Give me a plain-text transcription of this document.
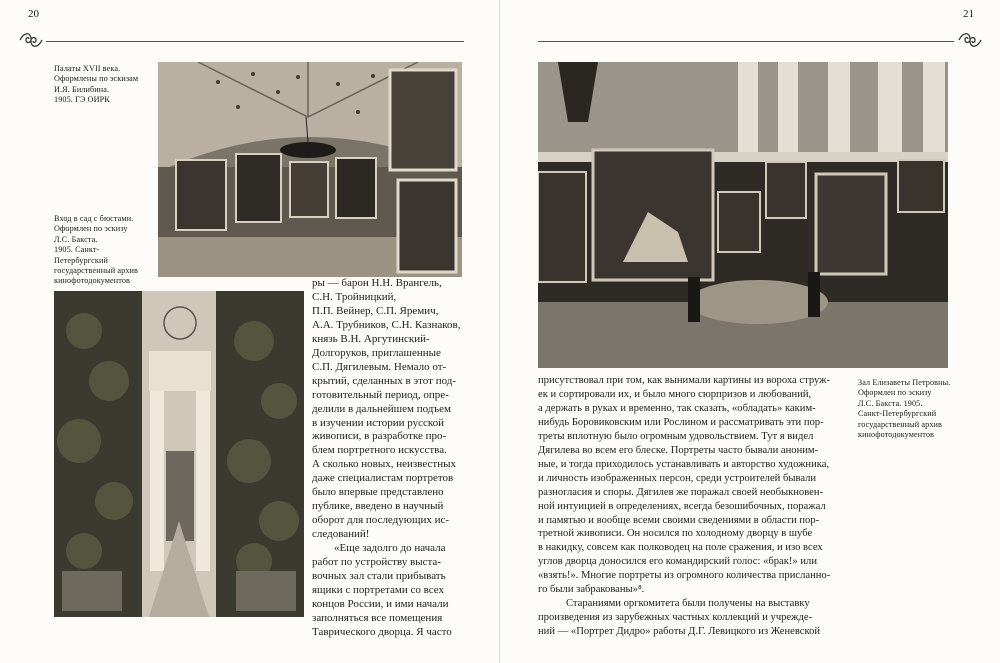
20
Палаты XVII века.
Оформлены по эскизам
И.Я. Билибина.
1905. ГЭ ОИРК
Вход в сад с бюстами.
Оформлен по эскизу
Л.С. Бакста.
1905. Санкт-
Петербургский
государственный архив
кинофотодокументов	ры — барон Н.Н. Врангель,
С.Н. Тройницкий,
П.П. Вейнер, С.П. Яремич,
А.А. Трубников, С.Н. Казнаков,
князь В.Н. Аргутинский-
Долгоруков, приглашенные
С.П. Дягилевым. Немало от-
крытий, сделанных в этот под-
готовительный период, опре-
делили в дальнейшем подъем
в изучении истории русской
живописи, в разработке про-
блем портретного искусства.
А сколько новых, неизвестных
даже специалистам портретов
было впервые представлено
публике, введено в научный
оборот для последующих ис-
следований!
«Еще задолго до начала
работ по устройству выста-
вочных зал стали прибывать
ящики с портретами со всех
концов России, и ими начали
заполняться все помещения
Таврического дворца. Я часто
21
Зал Елизаветы Петровны.
Оформлен по эскизу
Л.С. Бакста. 1905.
Санкт-Петербургский
государственный архив
кинофотодокументов
присутствовал при том, как вынимали картины из вороха струж-
ек и сортировали их, и было много сюрпризов и любований,
а держать в руках и временно, так сказать, «обладать» каким-
нибудь Боровиковским или Рослином и рассматривать эти пор-
треты вплотную было огромным удовольствием. Тут я видел
Дягилева во всем его блеске. Портреты часто бывали аноним-
ные, и тогда приходилось устанавливать и авторство художника,
и личность изображенных персон, среди устроителей бывали
разногласия и споры. Дягилев же поражал своей необыкновен-
ной интуицией в определениях, всегда безошибочных, поражал
и памятью и вообще всеми своими сведениями в области пор-
третной живописи. Он носился по холодному дворцу в шубе
в накидку, совсем как полководец на поле сражения, и изо всех
углов дворца доносился его командирский голос: «брак!» или
«взять!». Многие портреты из огромного количества присланно-
го были забракованы»⁸.
Стараниями оргкомитета были получены на выставку
произведения из зарубежных частных коллекций и учрежде-
ний — «Портрет Дидро» работы Д.Г. Левицкого из Женевской
